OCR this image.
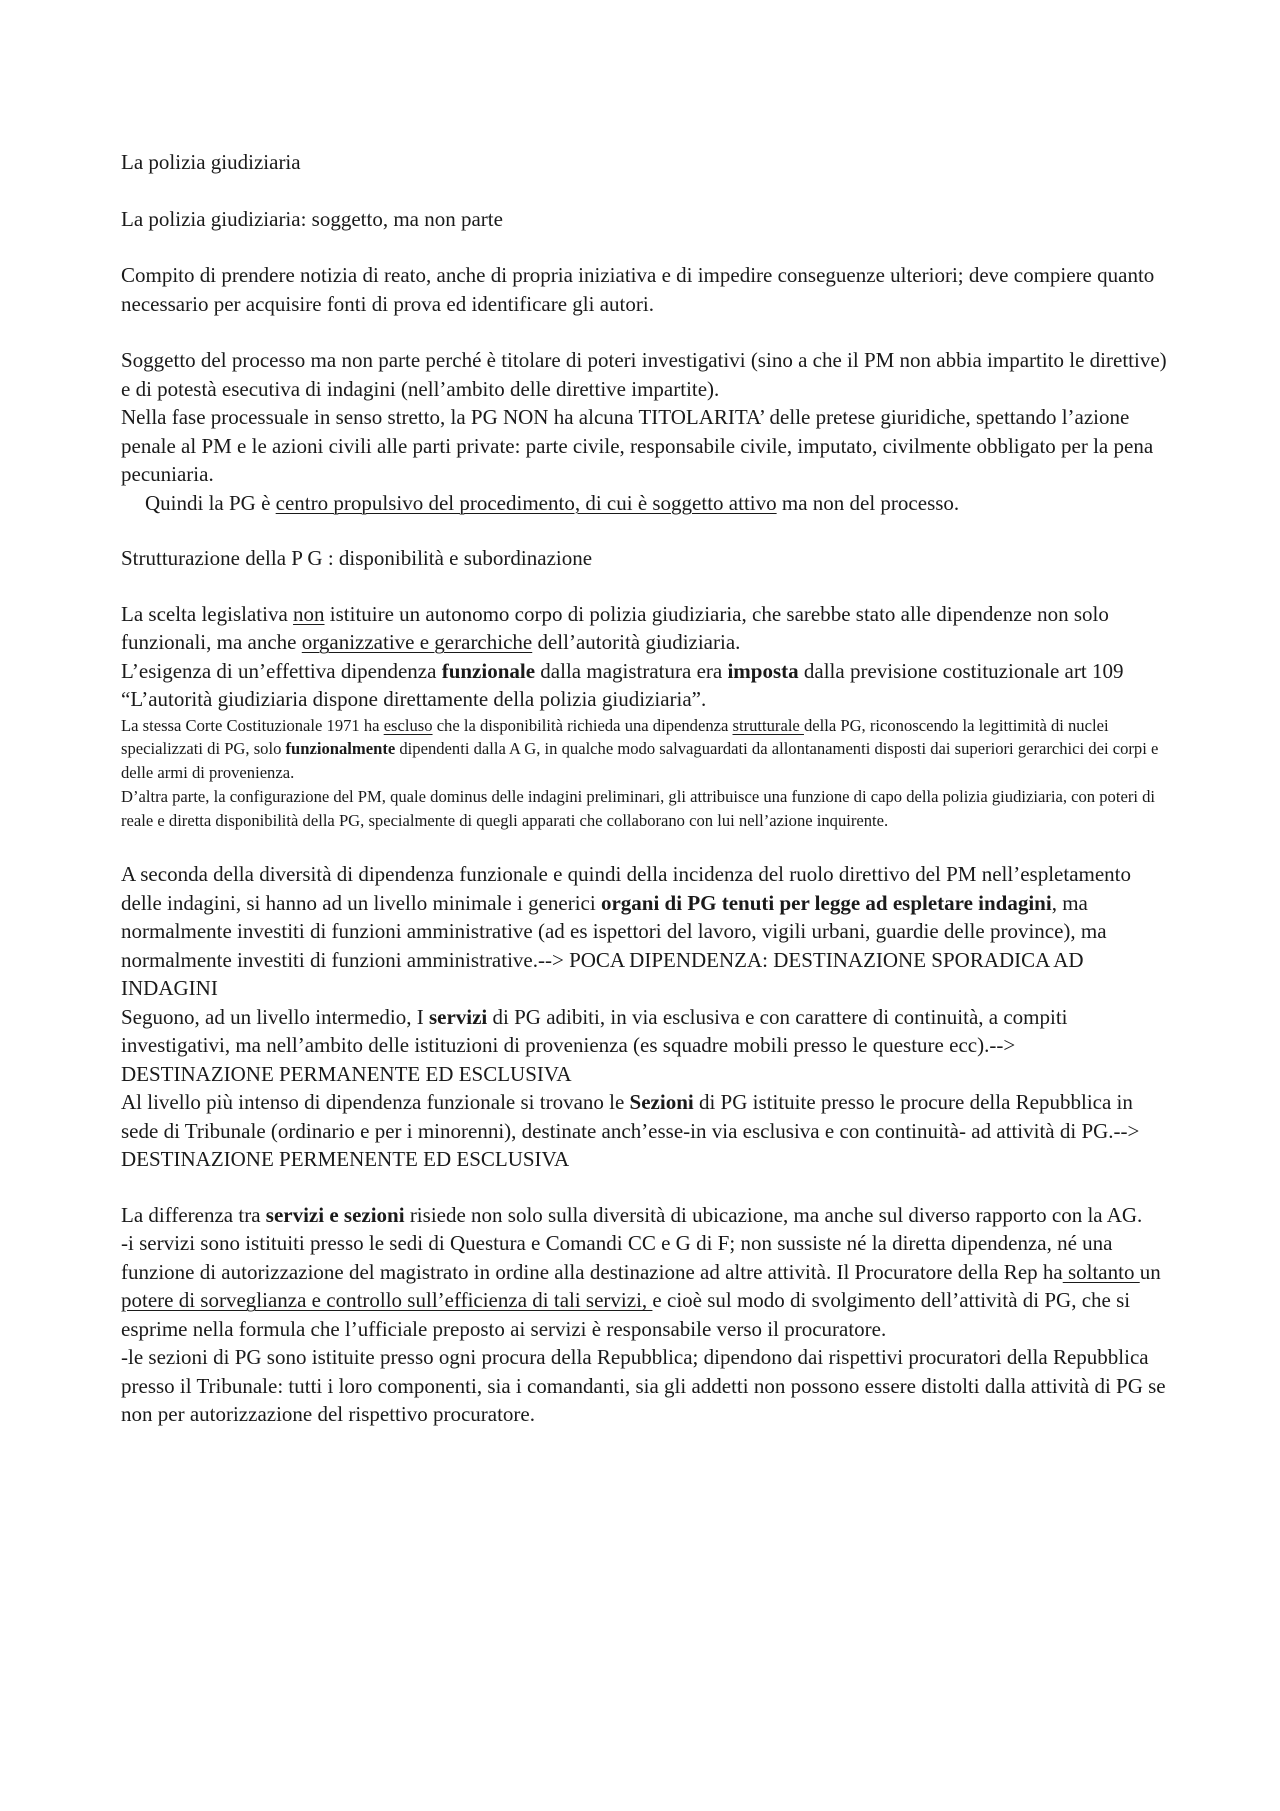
La polizia giudiziaria

La polizia giudiziaria: soggetto, ma non parte

Compito di prendere notizia di reato, anche di propria iniziativa e di impedire conseguenze ulteriori; deve compiere quanto necessario per acquisire fonti di prova ed identificare gli autori.

Soggetto del processo ma non parte perché è titolare di poteri investigativi (sino a che il PM non abbia impartito le direttive) e di potestà esecutiva di indagini (nell’ambito delle direttive impartite).

Nella fase processuale in senso stretto, la PG NON ha alcuna TITOLARITA’ delle pretese giuridiche, spettando l’azione penale al PM e le azioni civili alle parti private: parte civile, responsabile civile, imputato, civilmente obbligato per la pena pecuniaria.

Quindi la PG è centro propulsivo del procedimento, di cui è soggetto attivo ma non del processo.

Strutturazione della P G : disponibilità e subordinazione

La scelta legislativa non istituire un autonomo corpo di polizia giudiziaria, che sarebbe stato alle dipendenze non solo funzionali, ma anche organizzative e gerarchiche dell’autorità giudiziaria.

L’esigenza di un’effettiva dipendenza funzionale dalla magistratura era imposta dalla previsione costituzionale art 109 “L’autorità giudiziaria dispone direttamente della polizia giudiziaria”.

La stessa Corte Costituzionale 1971 ha escluso che la disponibilità richieda una dipendenza strutturale della PG, riconoscendo la legittimità di nuclei specializzati di PG, solo funzionalmente dipendenti dalla A G, in qualche modo salvaguardati da allontanamenti disposti dai superiori gerarchici dei corpi e delle armi di provenienza.

D’altra parte, la configurazione del PM, quale dominus delle indagini preliminari, gli attribuisce una funzione di capo della polizia giudiziaria, con poteri di reale e diretta disponibilità della PG, specialmente di quegli apparati che collaborano con lui nell’azione inquirente.

A seconda della diversità di dipendenza funzionale e quindi della incidenza del ruolo direttivo del PM nell’espletamento delle indagini, si hanno ad un livello minimale i generici organi di PG tenuti per legge ad espletare indagini, ma normalmente investiti di funzioni amministrative (ad es ispettori del lavoro, vigili urbani, guardie delle province), ma normalmente investiti di funzioni amministrative.--> POCA DIPENDENZA: DESTINAZIONE SPORADICA AD INDAGINI

Seguono, ad un livello intermedio, I servizi di PG adibiti, in via esclusiva e con carattere di continuità, a compiti investigativi, ma nell’ambito delle istituzioni di provenienza (es squadre mobili presso le questure ecc).--> DESTINAZIONE PERMANENTE ED ESCLUSIVA

Al livello più intenso di dipendenza funzionale si trovano le Sezioni di PG istituite presso le procure della Repubblica in sede di Tribunale (ordinario e per i minorenni), destinate anch’esse-in via esclusiva e con continuità- ad attività di PG.--> DESTINAZIONE PERMENENTE ED ESCLUSIVA

La differenza tra servizi e sezioni risiede non solo sulla diversità di ubicazione, ma anche sul diverso rapporto con la AG.

-i servizi sono istituiti presso le sedi di Questura e Comandi CC e G di F; non sussiste né la diretta dipendenza, né una funzione di autorizzazione del magistrato in ordine alla destinazione ad altre attività. Il Procuratore della Rep ha soltanto un potere di sorveglianza e controllo sull’efficienza di tali servizi, e cioè sul modo di svolgimento dell’attività di PG, che si esprime nella formula che l’ufficiale preposto ai servizi è responsabile verso il procuratore.

-le sezioni di PG sono istituite presso ogni procura della Repubblica; dipendono dai rispettivi procuratori della Repubblica presso il Tribunale: tutti i loro componenti, sia i comandanti, sia gli addetti non possono essere distolti dalla attività di PG se non per autorizzazione del rispettivo procuratore.
